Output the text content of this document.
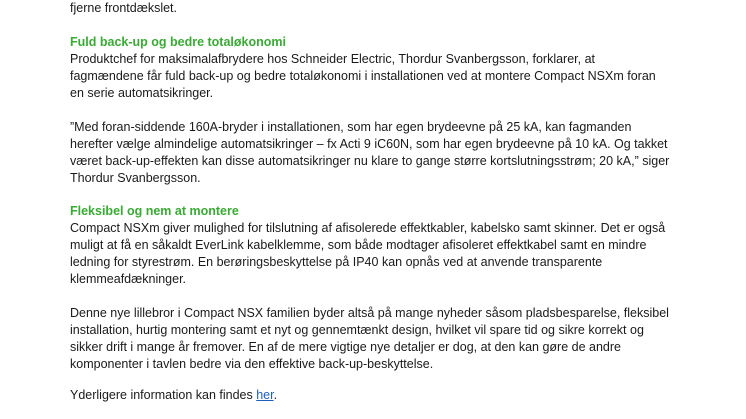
fjerne frontdækslet.
Fuld back-up og bedre totaløkonomi
Produktchef for maksimalafbrydere hos Schneider Electric, Thordur Svanbergsson, forklarer, at
fagmændene får fuld back-up og bedre totaløkonomi i installationen ved at montere Compact NSXm foran
en serie automatsikringer.
”Med foran-siddende 160A-bryder i installationen, som har egen brydeevne på 25 kA, kan fagmanden
herefter vælge almindelige automatsikringer – fx Acti 9 iC60N, som har egen brydeevne på 10 kA. Og takket
været back-up-effekten kan disse automatsikringer nu klare to gange større kortslutningsstrøm; 20 kA,” siger
Thordur Svanbergsson.
Fleksibel og nem at montere
Compact NSXm giver mulighed for tilslutning af afisolerede effektkabler, kabelsko samt skinner. Det er også
muligt at få en såkaldt EverLink kabelklemme, som både modtager afisoleret effektkabel samt en mindre
ledning for styrestrøm. En berøringsbeskyttelse på IP40 kan opnås ved at anvende transparente
klemmeafdækninger.
Denne nye lillebror i Compact NSX familien byder altså på mange nyheder såsom pladsbesparelse, fleksibel
installation, hurtig montering samt et nyt og gennemtænkt design, hvilket vil spare tid og sikre korrekt og
sikker drift i mange år fremover. En af de mere vigtige nye detaljer er dog, at den kan gøre de andre
komponenter i tavlen bedre via den effektive back-up-beskyttelse.
Yderligere information kan findes her.
